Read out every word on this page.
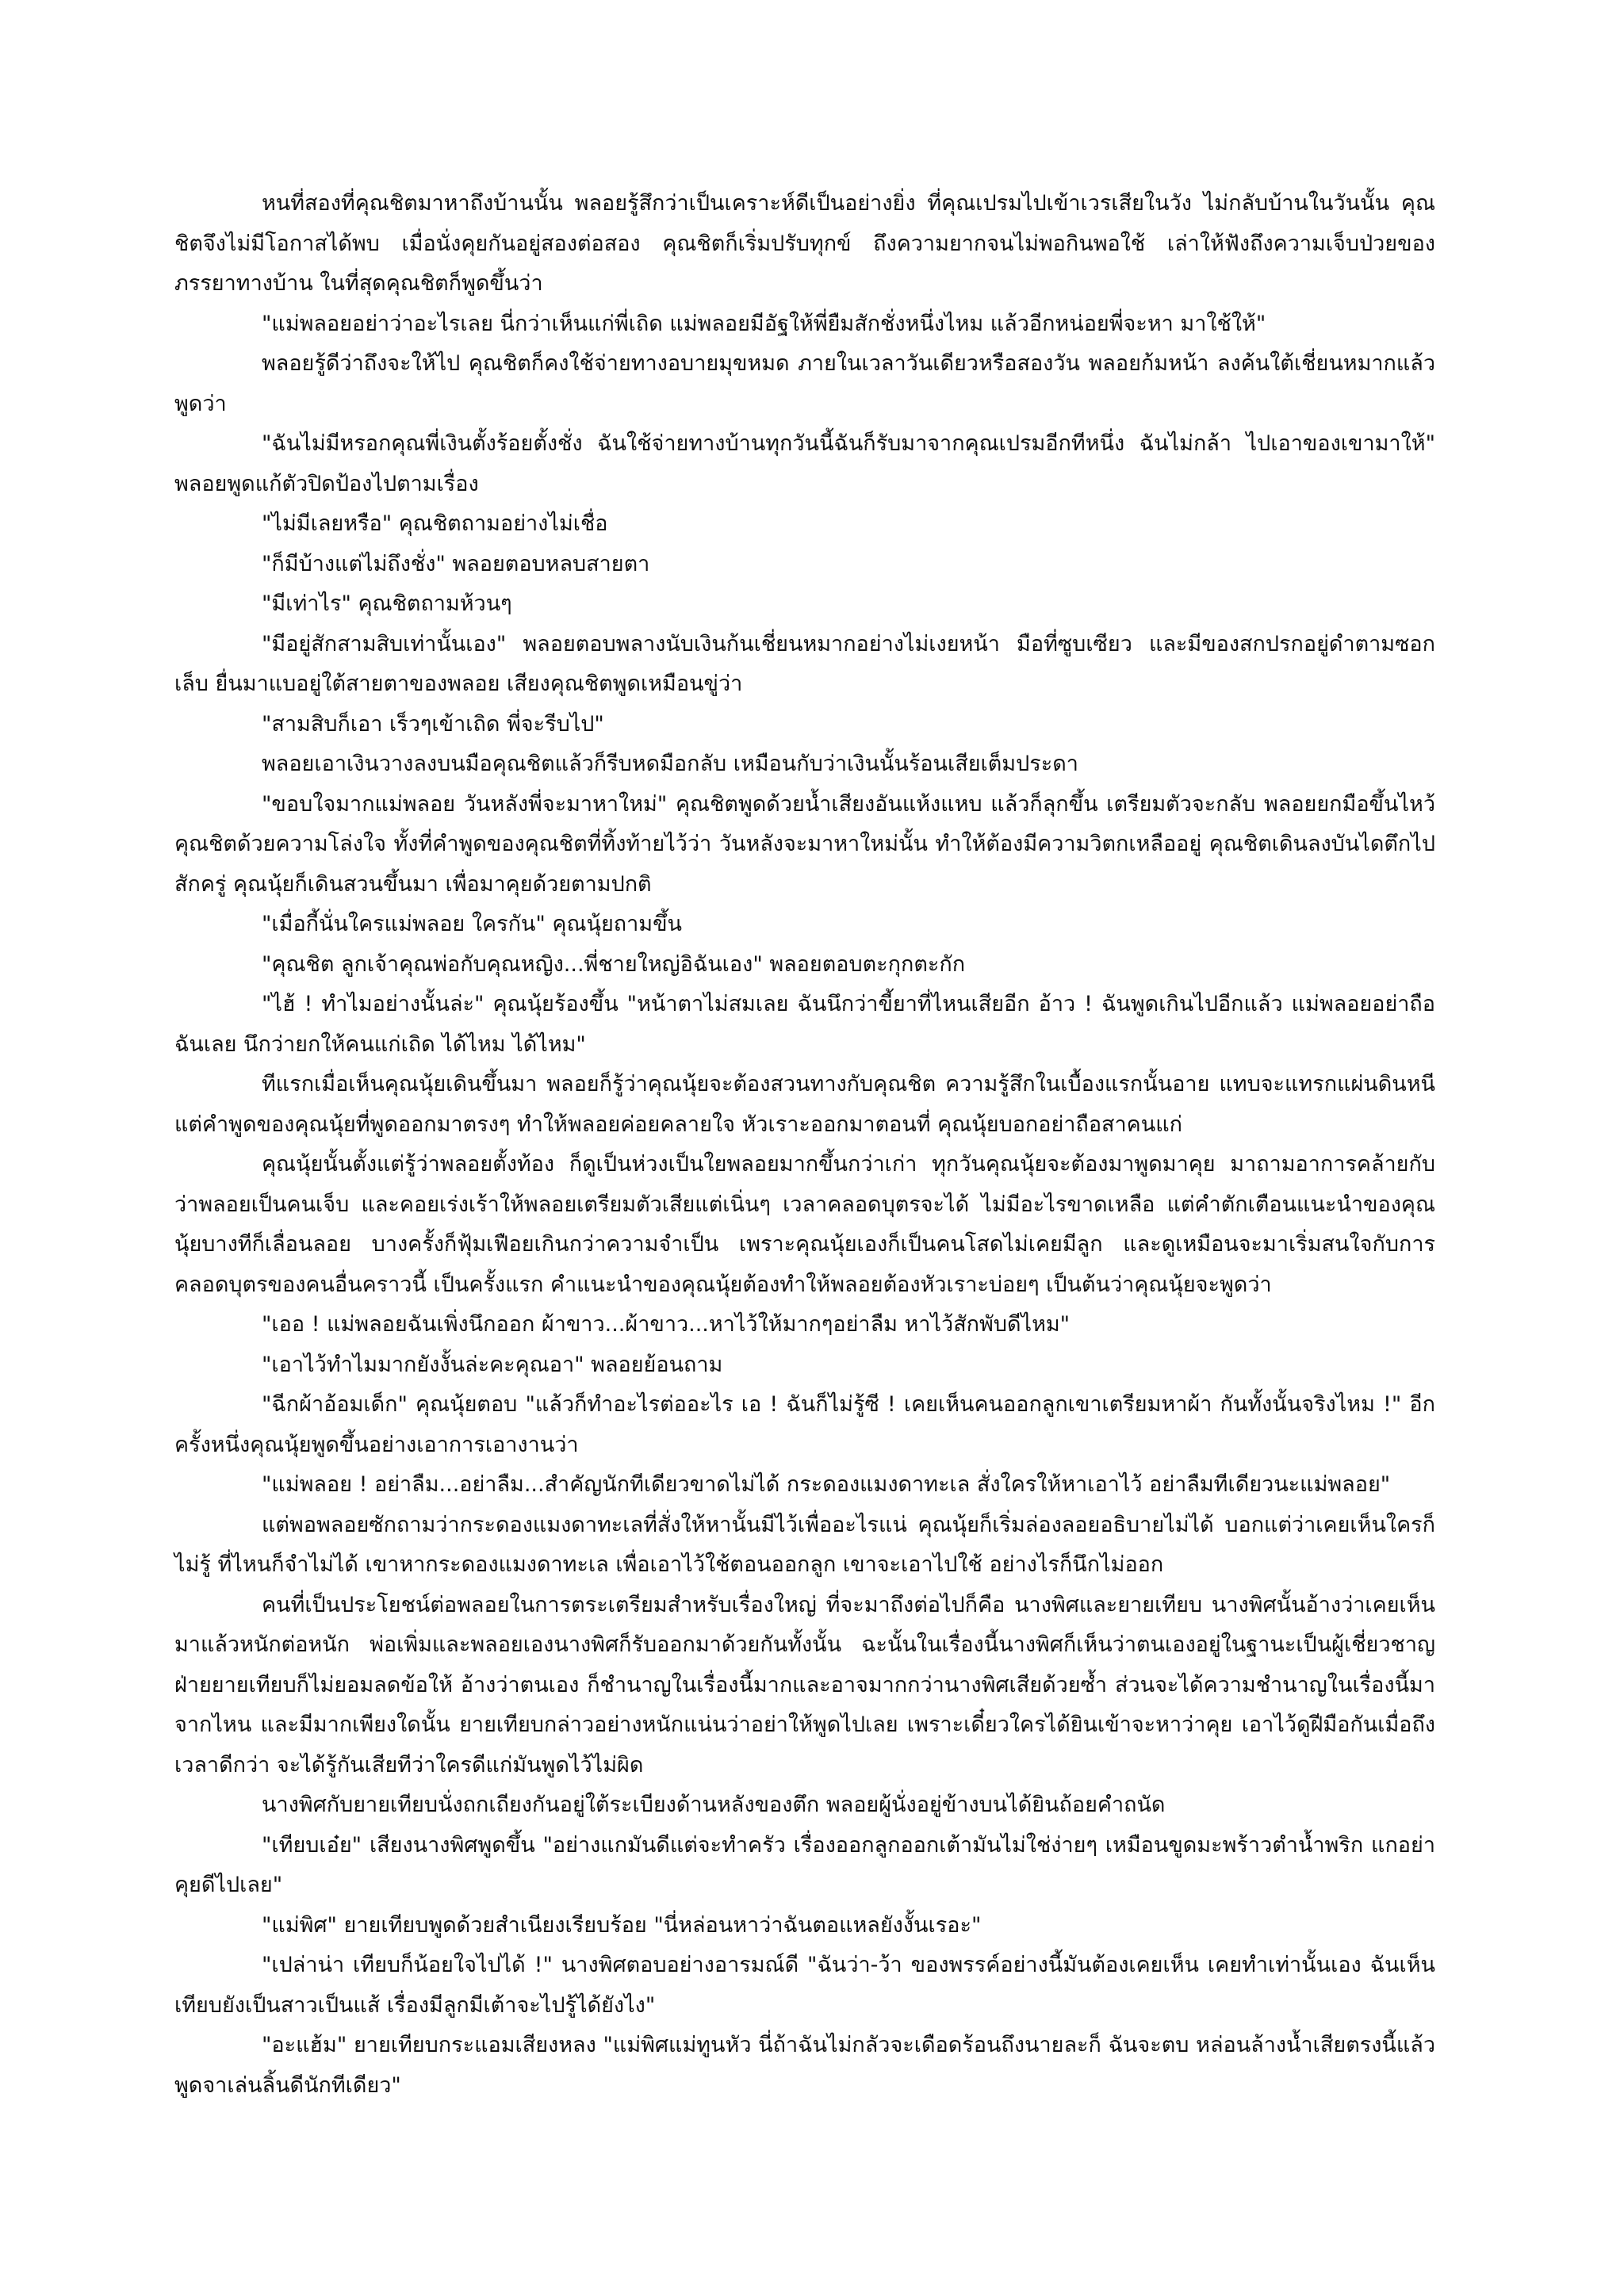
หนที่สองที่คุณชิตมาหาถึงบ้านนั้น พลอยรู้สึกว่าเป็นเคราะห์ดีเป็นอย่างยิ่ง ที่คุณเปรมไปเข้าเวรเสียในวัง ไม่กลับบ้านในวันนั้น คุณชิตจึงไม่มีโอกาสได้พบ เมื่อนั่งคุยกันอยู่สองต่อสอง คุณชิตก็เริ่มปรับทุกข์ ถึงความยากจนไม่พอกินพอใช้ เล่าให้ฟังถึงความเจ็บป่วยของภรรยาทางบ้าน ในที่สุดคุณชิตก็พูดขึ้นว่า

"แม่พลอยอย่าว่าอะไรเลย นี่กว่าเห็นแก่พี่เถิด แม่พลอยมีอัฐให้พี่ยืมสักชั่งหนึ่งไหม แล้วอีกหน่อยพี่จะหา มาใช้ให้"

พลอยรู้ดีว่าถึงจะให้ไป คุณชิตก็คงใช้จ่ายทางอบายมุขหมด ภายในเวลาวันเดียวหรือสองวัน พลอยก้มหน้า ลงค้นใต้เชี่ยนหมากแล้วพูดว่า

"ฉันไม่มีหรอกคุณพี่เงินตั้งร้อยตั้งชั่ง ฉันใช้จ่ายทางบ้านทุกวันนี้ฉันก็รับมาจากคุณเปรมอีกทีหนึ่ง ฉันไม่กล้า ไปเอาของเขามาให้" พลอยพูดแก้ตัวปิดป้องไปตามเรื่อง

"ไม่มีเลยหรือ" คุณชิตถามอย่างไม่เชื่อ

"ก็มีบ้างแต่ไม่ถึงชั่ง" พลอยตอบหลบสายตา

"มีเท่าไร" คุณชิตถามห้วนๆ

"มีอยู่สักสามสิบเท่านั้นเอง" พลอยตอบพลางนับเงินก้นเชี่ยนหมากอย่างไม่เงยหน้า มือที่ซูบเซียว และมีของสกปรกอยู่ดำตามซอกเล็บ ยื่นมาแบอยู่ใต้สายตาของพลอย เสียงคุณชิตพูดเหมือนขู่ว่า

"สามสิบก็เอา เร็วๆเข้าเถิด พี่จะรีบไป"

พลอยเอาเงินวางลงบนมือคุณชิตแล้วก็รีบหดมือกลับ เหมือนกับว่าเงินนั้นร้อนเสียเต็มประดา

"ขอบใจมากแม่พลอย วันหลังพี่จะมาหาใหม่" คุณชิตพูดด้วยน้ำเสียงอันแห้งแหบ แล้วก็ลุกขึ้น เตรียมตัวจะกลับ พลอยยกมือขึ้นไหว้คุณชิตด้วยความโล่งใจ ทั้งที่คำพูดของคุณชิตที่ทิ้งท้ายไว้ว่า วันหลังจะมาหาใหม่นั้น ทำให้ต้องมีความวิตกเหลืออยู่ คุณชิตเดินลงบันไดตึกไปสักครู่ คุณนุ้ยก็เดินสวนขึ้นมา เพื่อมาคุยด้วยตามปกติ

"เมื่อกี้นั่นใครแม่พลอย ใครกัน" คุณนุ้ยถามขึ้น

"คุณชิต ลูกเจ้าคุณพ่อกับคุณหญิง...พี่ชายใหญ่อิฉันเอง" พลอยตอบตะกุกตะกัก

"ไฮ้ ! ทำไมอย่างนั้นล่ะ" คุณนุ้ยร้องขึ้น "หน้าตาไม่สมเลย ฉันนึกว่าขี้ยาที่ไหนเสียอีก อ้าว ! ฉันพูดเกินไปอีกแล้ว แม่พลอยอย่าถือฉันเลย นึกว่ายกให้คนแก่เถิด ได้ไหม ได้ไหม"

ทีแรกเมื่อเห็นคุณนุ้ยเดินขึ้นมา พลอยก็รู้ว่าคุณนุ้ยจะต้องสวนทางกับคุณชิต ความรู้สึกในเบื้องแรกนั้นอาย แทบจะแทรกแผ่นดินหนี แต่คำพูดของคุณนุ้ยที่พูดออกมาตรงๆ ทำให้พลอยค่อยคลายใจ หัวเราะออกมาตอนที่ คุณนุ้ยบอกอย่าถือสาคนแก่

คุณนุ้ยนั้นตั้งแต่รู้ว่าพลอยตั้งท้อง ก็ดูเป็นห่วงเป็นใยพลอยมากขึ้นกว่าเก่า ทุกวันคุณนุ้ยจะต้องมาพูดมาคุย มาถามอาการคล้ายกับว่าพลอยเป็นคนเจ็บ และคอยเร่งเร้าให้พลอยเตรียมตัวเสียแต่เนิ่นๆ เวลาคลอดบุตรจะได้ ไม่มีอะไรขาดเหลือ แต่คำตักเตือนแนะนำของคุณนุ้ยบางทีก็เลื่อนลอย บางครั้งก็ฟุ้มเฟือยเกินกว่าความจำเป็น เพราะคุณนุ้ยเองก็เป็นคนโสดไม่เคยมีลูก และดูเหมือนจะมาเริ่มสนใจกับการคลอดบุตรของคนอื่นคราวนี้ เป็นครั้งแรก คำแนะนำของคุณนุ้ยต้องทำให้พลอยต้องหัวเราะบ่อยๆ เป็นต้นว่าคุณนุ้ยจะพูดว่า

"เออ ! แม่พลอยฉันเพิ่งนึกออก ผ้าขาว...ผ้าขาว...หาไว้ให้มากๆอย่าลืม หาไว้สักพับดีไหม"

"เอาไว้ทำไมมากยังงั้นล่ะคะคุณอา" พลอยย้อนถาม

"ฉีกผ้าอ้อมเด็ก" คุณนุ้ยตอบ "แล้วก็ทำอะไรต่ออะไร เอ ! ฉันก็ไม่รู้ซี ! เคยเห็นคนออกลูกเขาเตรียมหาผ้า กันทั้งนั้นจริงไหม !" อีกครั้งหนึ่งคุณนุ้ยพูดขึ้นอย่างเอาการเอางานว่า

"แม่พลอย ! อย่าลืม...อย่าลืม...สำคัญนักทีเดียวขาดไม่ได้ กระดองแมงดาทะเล สั่งใครให้หาเอาไว้ อย่าลืมทีเดียวนะแม่พลอย"

แต่พอพลอยซักถามว่ากระดองแมงดาทะเลที่สั่งให้หานั้นมีไว้เพื่ออะไรแน่ คุณนุ้ยก็เริ่มล่องลอยอธิบายไม่ได้ บอกแต่ว่าเคยเห็นใครก็ไม่รู้ ที่ไหนก็จำไม่ได้ เขาหากระดองแมงดาทะเล เพื่อเอาไว้ใช้ตอนออกลูก เขาจะเอาไปใช้ อย่างไรก็นึกไม่ออก

คนที่เป็นประโยชน์ต่อพลอยในการตระเตรียมสำหรับเรื่องใหญ่ ที่จะมาถึงต่อไปก็คือ นางพิศและยายเทียบ นางพิศนั้นอ้างว่าเคยเห็นมาแล้วหนักต่อหนัก พ่อเพิ่มและพลอยเองนางพิศก็รับออกมาด้วยกันทั้งนั้น ฉะนั้นในเรื่องนี้นางพิศก็เห็นว่าตนเองอยู่ในฐานะเป็นผู้เชี่ยวชาญ ฝ่ายยายเทียบก็ไม่ยอมลดข้อให้ อ้างว่าตนเอง ก็ชำนาญในเรื่องนี้มากและอาจมากกว่านางพิศเสียด้วยซ้ำ ส่วนจะได้ความชำนาญในเรื่องนี้มาจากไหน และมีมากเพียงใดนั้น ยายเทียบกล่าวอย่างหนักแน่นว่าอย่าให้พูดไปเลย เพราะเดี๋ยวใครได้ยินเข้าจะหาว่าคุย เอาไว้ดูฝีมือกันเมื่อถึงเวลาดีกว่า จะได้รู้กันเสียทีว่าใครดีแก่มันพูดไว้ไม่ผิด

นางพิศกับยายเทียบนั่งถกเถียงกันอยู่ใต้ระเบียงด้านหลังของตึก พลอยผู้นั่งอยู่ข้างบนได้ยินถ้อยคำถนัด

"เทียบเอ๋ย" เสียงนางพิศพูดขึ้น "อย่างแกมันดีแต่จะทำครัว เรื่องออกลูกออกเต้ามันไม่ใช่ง่ายๆ เหมือนขูดมะพร้าวตำน้ำพริก แกอย่าคุยดีไปเลย"

"แม่พิศ" ยายเทียบพูดด้วยสำเนียงเรียบร้อย "นี่หล่อนหาว่าฉันตอแหลยังงั้นเรอะ"

"เปล่าน่า เทียบก็น้อยใจไปได้ !" นางพิศตอบอย่างอารมณ์ดี "ฉันว่า-ว้า ของพรรค์อย่างนี้มันต้องเคยเห็น เคยทำเท่านั้นเอง ฉันเห็นเทียบยังเป็นสาวเป็นแส้ เรื่องมีลูกมีเต้าจะไปรู้ได้ยังไง"

"อะแฮ้ม" ยายเทียบกระแอมเสียงหลง "แม่พิศแม่ทูนหัว นี่ถ้าฉันไม่กลัวจะเดือดร้อนถึงนายละก็ ฉันจะตบ หล่อนล้างน้ำเสียตรงนี้แล้ว พูดจาเล่นลิ้นดีนักทีเดียว"
